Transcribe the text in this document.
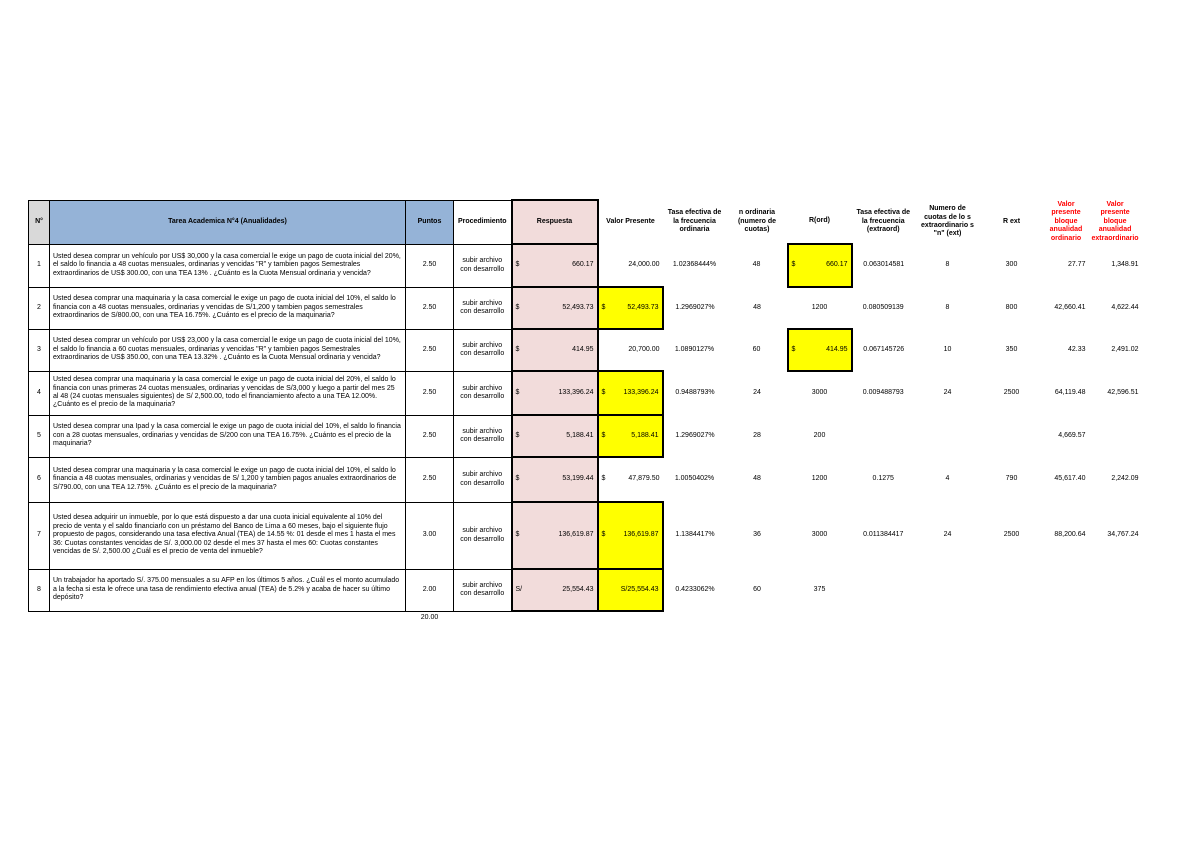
N°	Tarea Academica N°4 (Anualidades)	Puntos	Procedimiento	Respuesta	Valor Presente	Tasa efectiva de la frecuencia ordinaria	n ordinaria (numero de cuotas)	R(ord)	Tasa efectiva de la frecuencia (extraord)	Numero de cuotas de lo s extraordinario s "n" (ext)	R ext	Valor presente bloque anualidad ordinario	Valor presente bloque anualidad extraordinario
1	Usted desea comprar un vehículo por US$ 30,000 y la casa comercial le exige un pago de cuota inicial del 20%, el saldo lo financia a 48 cuotas mensuales, ordinarias y vencidas "R" y tambien pagos Semestrales extraordinarios de US$ 300.00, con una TEA 13% . ¿Cuánto es la Cuota Mensual ordinaria y vencida?	2.50	subir archivo con desarrollo	$ 660.17	24,000.00	1.02368444%	48	$ 660.17	0.063014581	8	300	27.77	1,348.91
2	Usted desea comprar una maquinaria y la casa comercial le exige un pago de cuota inicial del 10%, el saldo lo financia con a 48 cuotas mensuales, ordinarias y vencidas de S/1,200 y tambien pagos semestrales extraordinarios de S/800.00, con una TEA 16.75%. ¿Cuánto es el precio de la maquinaria?	2.50	subir archivo con desarrollo	$ 52,493.73	$ 52,493.73	1.2969027%	48	1200	0.080509139	8	800	42,660.41	4,622.44
3	Usted desea comprar un vehículo por US$ 23,000 y la casa comercial le exige un pago de cuota inicial del 10%, el saldo lo financia a 60 cuotas mensuales, ordinarias y vencidas "R" y tambien pagos Semestrales extraordinarios de US$ 350.00, con una TEA 13.32% . ¿Cuánto es la Cuota Mensual ordinaria y vencida?	2.50	subir archivo con desarrollo	$ 414.95	20,700.00	1.0890127%	60	$ 414.95	0.067145726	10	350	42.33	2,491.02
4	Usted desea comprar una maquinaria y la casa comercial le exige un pago de cuota inicial del 20%, el saldo lo financia con unas primeras 24 cuotas mensuales, ordinarias y vencidas de S/3,000 y luego a partir del mes 25 al 48 (24 cuotas mensuales siguientes) de S/ 2,500.00, todo el financiamiento afecto a una TEA 12.00%. ¿Cuánto es el precio de la maquinaria?	2.50	subir archivo con desarrollo	$ 133,396.24	$ 133,396.24	0.9488793%	24	3000	0.009488793	24	2500	64,119.48	42,596.51
5	Usted desea comprar una Ipad y la casa comercial le exige un pago de cuota inicial del 10%, el saldo lo financia con a 28 cuotas mensuales, ordinarias y vencidas de S/200 con una TEA 16.75%. ¿Cuánto es el precio de la maquinaria?	2.50	subir archivo con desarrollo	$ 5,188.41	$ 5,188.41	1.2969027%	28	200				4,669.57	
6	Usted desea comprar una maquinaria y la casa comercial le exige un pago de cuota inicial del 10%, el saldo lo financia a 48 cuotas mensuales, ordinarias y vencidas de S/ 1,200 y tambien pagos anuales extraordinarios de S/790.00, con una TEA 12.75%. ¿Cuánto es el precio de la maquinaria?	2.50	subir archivo con desarrollo	$ 53,199.44	$ 47,879.50	1.0050402%	48	1200	0.1275	4	790	45,617.40	2,242.09
7	Usted desea adquirir un inmueble, por lo que está dispuesto a dar una cuota inicial equivalente al 10% del precio de venta y el saldo financiarlo con un préstamo del Banco de Lima a 60 meses, bajo el siguiente flujo propuesto de pagos, considerando una tasa efectiva Anual (TEA) de 14.55 %: 01 desde el mes 1 hasta el mes 36: Cuotas constantes vencidas de S/. 3,000.00 02 desde el mes 37 hasta el mes 60: Cuotas constantes vencidas de S/. 2,500.00 ¿Cuál es el precio de venta del inmueble?	3.00	subir archivo con desarrollo	$ 136,619.87	$ 136,619.87	1.1384417%	36	3000	0.011384417	24	2500	88,200.64	34,767.24
8	Un trabajador ha aportado S/. 375.00 mensuales a su AFP en los últimos 5 años. ¿Cuál es el monto acumulado a la fecha si esta le ofrece una tasa de rendimiento efectiva anual (TEA) de 5.2% y acaba de hacer su último depósito?	2.00	subir archivo con desarrollo	S/ 25,554.43	S/25,554.43	0.4233062%	60	375					
		20.00											
